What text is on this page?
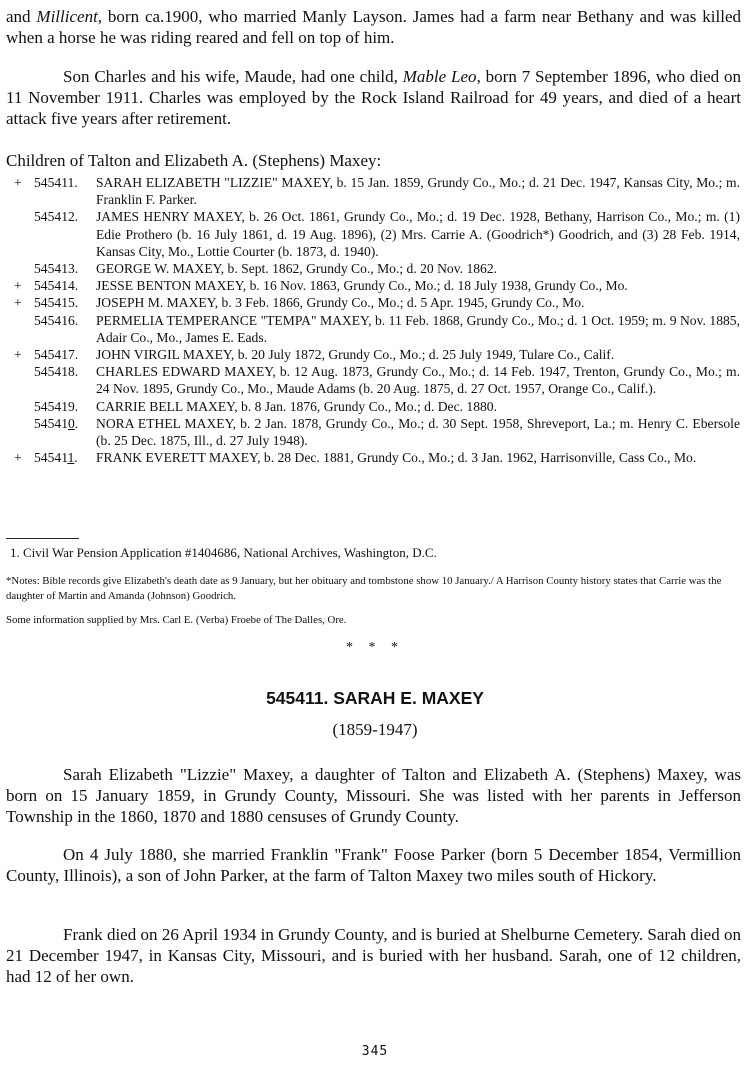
and Millicent, born ca.1900, who married Manly Layson. James had a farm near Bethany and was killed when a horse he was riding reared and fell on top of him.

Son Charles and his wife, Maude, had one child, Mable Leo, born 7 September 1896, who died on 11 November 1911. Charles was employed by the Rock Island Railroad for 49 years, and died of a heart attack five years after retirement.

Children of Talton and Elizabeth A. (Stephens) Maxey:
+ 545411.	SARAH ELIZABETH "LIZZIE" MAXEY, b. 15 Jan. 1859, Grundy Co., Mo.; d. 21 Dec. 1947, Kansas City, Mo.; m. Franklin F. Parker.
545412.	JAMES HENRY MAXEY, b. 26 Oct. 1861, Grundy Co., Mo.; d. 19 Dec. 1928, Bethany, Harrison Co., Mo.; m. (1) Edie Prothero (b. 16 July 1861, d. 19 Aug. 1896), (2) Mrs. Carrie A. (Goodrich*) Goodrich, and (3) 28 Feb. 1914, Kansas City, Mo., Lottie Courter (b. 1873, d. 1940).
545413.	GEORGE W. MAXEY, b. Sept. 1862, Grundy Co., Mo.; d. 20 Nov. 1862.
+ 545414.	JESSE BENTON MAXEY, b. 16 Nov. 1863, Grundy Co., Mo.; d. 18 July 1938, Grundy Co., Mo.
+ 545415.	JOSEPH M. MAXEY, b. 3 Feb. 1866, Grundy Co., Mo.; d. 5 Apr. 1945, Grundy Co., Mo.
545416.	PERMELIA TEMPERANCE "TEMPA" MAXEY, b. 11 Feb. 1868, Grundy Co., Mo.; d. 1 Oct. 1959; m. 9 Nov. 1885, Adair Co., Mo., James E. Eads.
+ 545417.	JOHN VIRGIL MAXEY, b. 20 July 1872, Grundy Co., Mo.; d. 25 July 1949, Tulare Co., Calif.
545418.	CHARLES EDWARD MAXEY, b. 12 Aug. 1873, Grundy Co., Mo.; d. 14 Feb. 1947, Trenton, Grundy Co., Mo.; m. 24 Nov. 1895, Grundy Co., Mo., Maude Adams (b. 20 Aug. 1875, d. 27 Oct. 1957, Orange Co., Calif.).
545419.	CARRIE BELL MAXEY, b. 8 Jan. 1876, Grundy Co., Mo.; d. Dec. 1880.
545410.	NORA ETHEL MAXEY, b. 2 Jan. 1878, Grundy Co., Mo.; d. 30 Sept. 1958, Shreveport, La.; m. Henry C. Ebersole (b. 25 Dec. 1875, Ill., d. 27 July 1948).
+ 545411.	FRANK EVERETT MAXEY, b. 28 Dec. 1881, Grundy Co., Mo.; d. 3 Jan. 1962, Harrisonville, Cass Co., Mo.
1. Civil War Pension Application #1404686, National Archives, Washington, D.C.
*Notes: Bible records give Elizabeth's death date as 9 January, but her obituary and tombstone show 10 January./ A Harrison County history states that Carrie was the daughter of Martin and Amanda (Johnson) Goodrich.
Some information supplied by Mrs. Carl E. (Verba) Froebe of The Dalles, Ore.
* * *
545411. SARAH E. MAXEY
(1859-1947)

Sarah Elizabeth "Lizzie" Maxey, a daughter of Talton and Elizabeth A. (Stephens) Maxey, was born on 15 January 1859, in Grundy County, Missouri. She was listed with her parents in Jefferson Township in the 1860, 1870 and 1880 censuses of Grundy County.

On 4 July 1880, she married Franklin "Frank" Foose Parker (born 5 December 1854, Vermillion County, Illinois), a son of John Parker, at the farm of Talton Maxey two miles south of Hickory.

Frank died on 26 April 1934 in Grundy County, and is buried at Shelburne Cemetery. Sarah died on 21 December 1947, in Kansas City, Missouri, and is buried with her husband. Sarah, one of 12 children, had 12 of her own.

345
